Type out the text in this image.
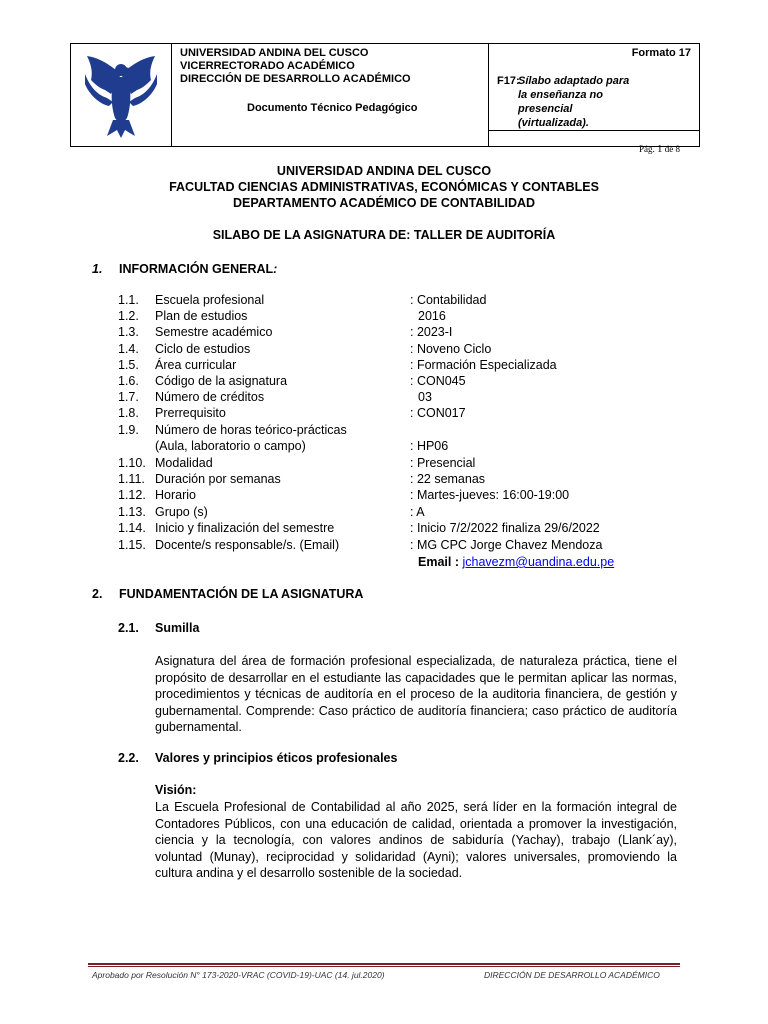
UNIVERSIDAD ANDINA DEL CUSCO
VICERRECTORADO ACADÉMICO
DIRECCIÓN DE DESARROLLO ACADÉMICO
Documento Técnico Pedagógico
Formato 17
F17:
Sílabo adaptado para
la enseñanza no
presencial
(virtualizada).
Pág. 1 de 8
UNIVERSIDAD ANDINA DEL CUSCO
FACULTAD CIENCIAS ADMINISTRATIVAS, ECONÓMICAS Y CONTABLES
DEPARTAMENTO ACADÉMICO DE CONTABILIDAD
SILABO DE LA ASIGNATURA DE: TALLER DE AUDITORÍA
1. INFORMACIÓN GENERAL:
1.1. Escuela profesional	: Contabilidad
1.2. Plan de estudios	2016
1.3. Semestre académico	: 2023-I
1.4. Ciclo de estudios	: Noveno Ciclo
1.5. Área curricular	: Formación Especializada
1.6. Código de la asignatura	: CON045
1.7. Número de créditos	03
1.8. Prerrequisito	: CON017
1.9. Número de horas teórico-prácticas
(Aula, laboratorio o campo)	: HP06
1.10. Modalidad	: Presencial
1.11. Duración por semanas	: 22 semanas
1.12. Horario	: Martes-jueves: 16:00-19:00
1.13. Grupo (s)	: A
1.14. Inicio y finalización del semestre	: Inicio 7/2/2022 finaliza 29/6/2022
1.15. Docente/s responsable/s. (Email)	: MG CPC Jorge Chavez Mendoza
Email : jchavezm@uandina.edu.pe
2. FUNDAMENTACIÓN DE LA ASIGNATURA
2.1. Sumilla
Asignatura del área de formación profesional especializada, de naturaleza práctica, tiene el propósito de desarrollar en el estudiante las capacidades que le permitan aplicar las normas, procedimientos y técnicas de auditoría en el proceso de la auditoria financiera, de gestión y gubernamental. Comprende: Caso práctico de auditoría financiera; caso práctico de auditoría gubernamental.
2.2. Valores y principios éticos profesionales
Visión:
La Escuela Profesional de Contabilidad al año 2025, será líder en la formación integral de Contadores Públicos, con una educación de calidad, orientada a promover la investigación, ciencia y la tecnología, con valores andinos de sabiduría (Yachay), trabajo (Llank´ay), voluntad (Munay), reciprocidad y solidaridad (Ayni); valores universales, promoviendo la cultura andina y el desarrollo sostenible de la sociedad.
Aprobado por Resolución N° 173-2020-VRAC (COVID-19)-UAC (14. jul.2020)	DIRECCIÓN DE DESARROLLO ACADÉMICO
